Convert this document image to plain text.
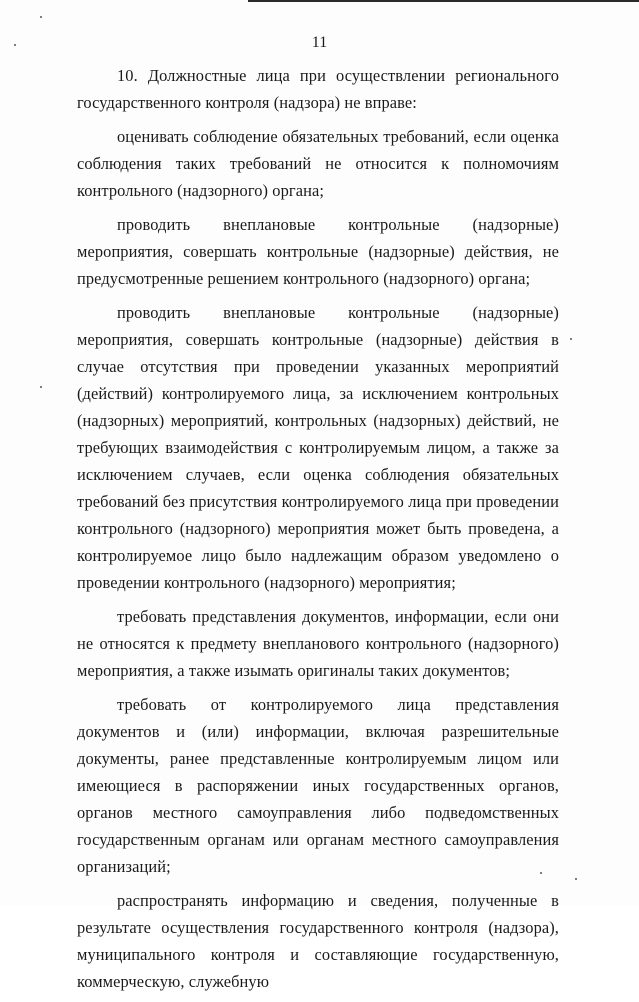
11

10. Должностные лица при осуществлении регионального государственного контроля (надзора) не вправе:

оценивать соблюдение обязательных требований, если оценка соблюдения таких требований не относится к полномочиям контрольного (надзорного) органа;

проводить внеплановые контрольные (надзорные) мероприятия, совершать контрольные (надзорные) действия, не предусмотренные решением контрольного (надзорного) органа;

проводить внеплановые контрольные (надзорные) мероприятия, совершать контрольные (надзорные) действия в случае отсутствия при проведении указанных мероприятий (действий) контролируемого лица, за исключением контрольных (надзорных) мероприятий, контрольных (надзорных) действий, не требующих взаимодействия с контролируемым лицом, а также за исключением случаев, если оценка соблюдения обязательных требований без присутствия контролируемого лица при проведении контрольного (надзорного) мероприятия может быть проведена, а контролируемое лицо было надлежащим образом уведомлено о проведении контрольного (надзорного) мероприятия;

требовать представления документов, информации, если они не относятся к предмету внепланового контрольного (надзорного) мероприятия, а также изымать оригиналы таких документов;

требовать от контролируемого лица представления документов и (или) информации, включая разрешительные документы, ранее представленные контролируемым лицом или имеющиеся в распоряжении иных государственных органов, органов местного самоуправления либо подведомственных государственным органам или органам местного самоуправления организаций;

распространять информацию и сведения, полученные в результате осуществления государственного контроля (надзора), муниципального контроля и составляющие государственную, коммерческую, служебную
